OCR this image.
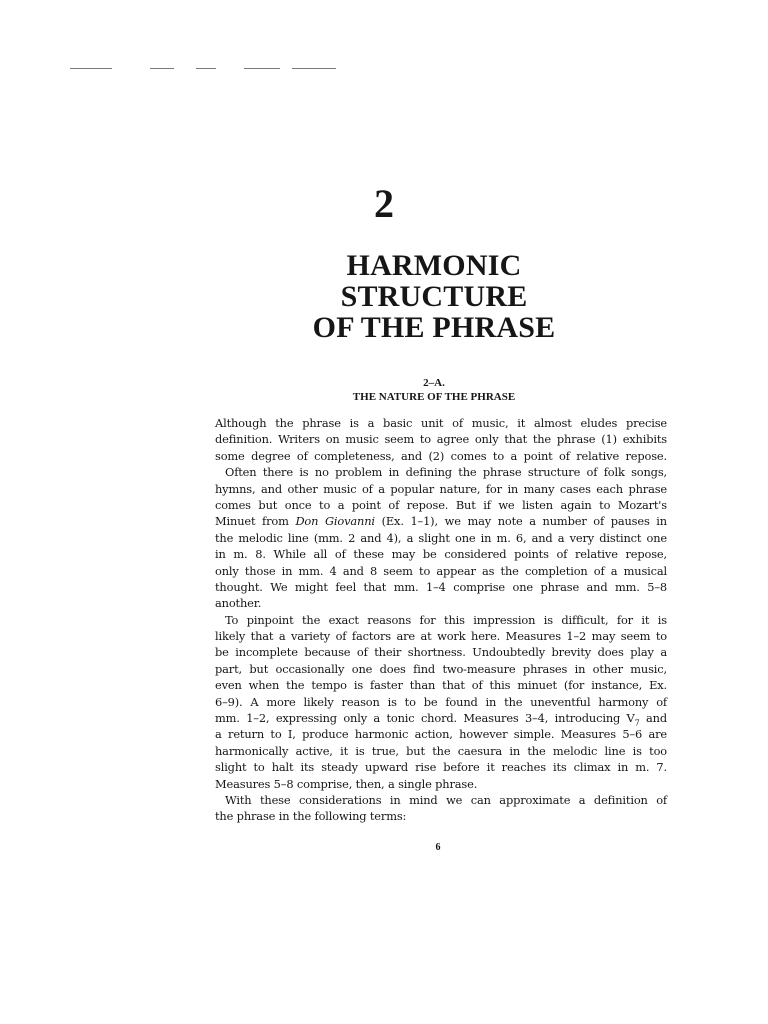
2
HARMONIC
STRUCTURE
OF THE PHRASE
2–A.
THE NATURE OF THE PHRASE
Although the phrase is a basic unit of music, it almost eludes precise
definition. Writers on music seem to agree only that the phrase (1) exhibits
some degree of completeness, and (2) comes to a point of relative repose.
Often there is no problem in defining the phrase structure of folk songs,
hymns, and other music of a popular nature, for in many cases each phrase
comes but once to a point of repose. But if we listen again to Mozart's
Minuet from Don Giovanni (Ex. 1–1), we may note a number of pauses in
the melodic line (mm. 2 and 4), a slight one in m. 6, and a very distinct one
in m. 8. While all of these may be considered points of relative repose,
only those in mm. 4 and 8 seem to appear as the completion of a musical
thought. We might feel that mm. 1–4 comprise one phrase and mm. 5–8
another.
To pinpoint the exact reasons for this impression is difficult, for it is
likely that a variety of factors are at work here. Measures 1–2 may seem to
be incomplete because of their shortness. Undoubtedly brevity does play a
part, but occasionally one does find two-measure phrases in other music,
even when the tempo is faster than that of this minuet (for instance, Ex.
6–9). A more likely reason is to be found in the uneventful harmony of
mm. 1–2, expressing only a tonic chord. Measures 3–4, introducing $V_7$ and
a return to I, produce harmonic action, however simple. Measures 5–6 are
harmonically active, it is true, but the caesura in the melodic line is too
slight to halt its steady upward rise before it reaches its climax in m. 7.
Measures 5–8 comprise, then, a single phrase.
With these considerations in mind we can approximate a definition of
the phrase in the following terms:
6
